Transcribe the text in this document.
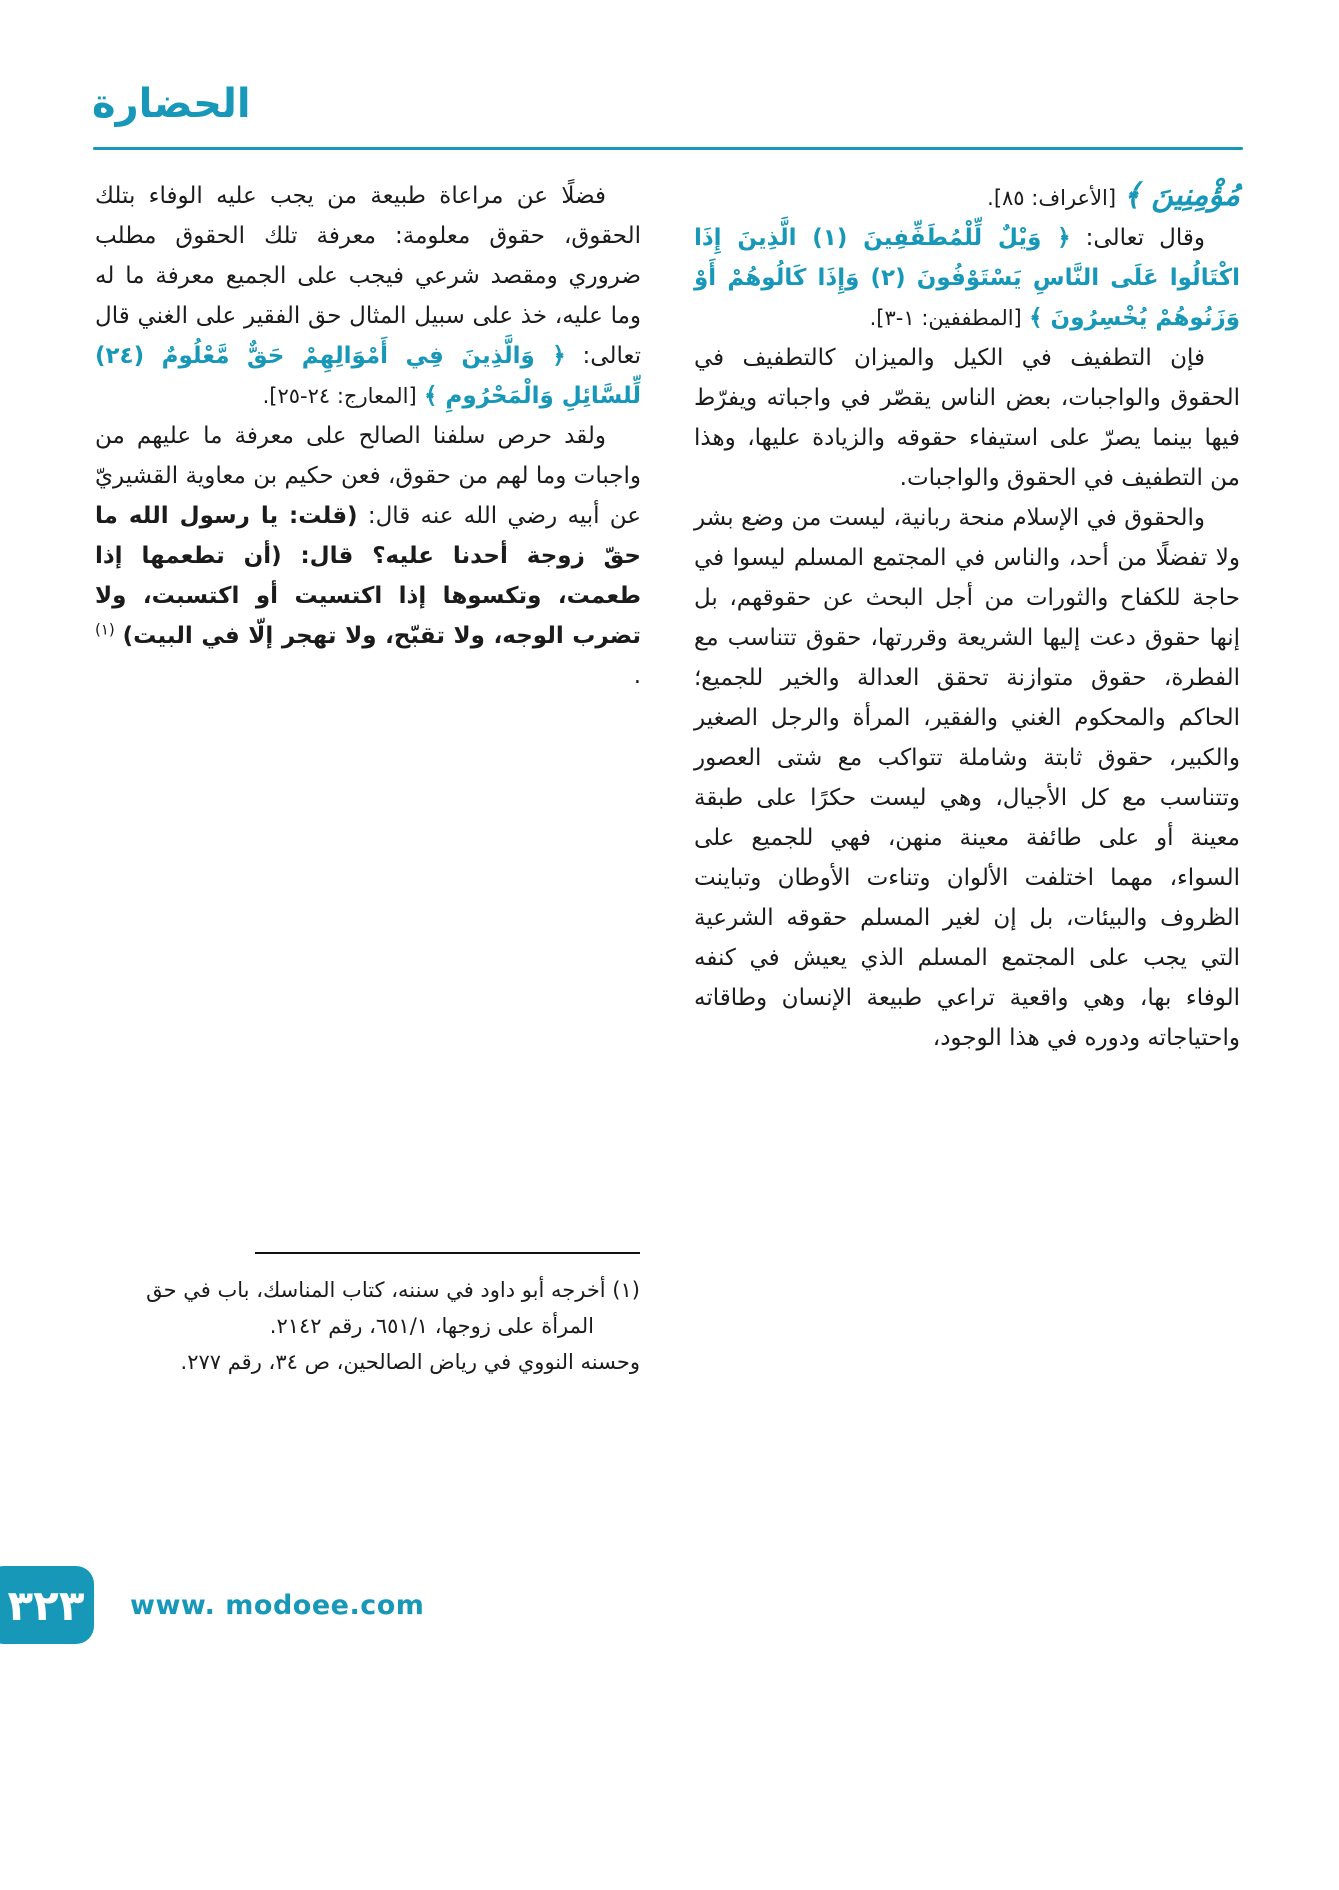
الحضارة

مُؤْمِنِينَ ﴾ [الأعراف: ٨٥].

وقال تعالى: ﴿ وَيْلٌ لِّلْمُطَفِّفِينَ (١) الَّذِينَ إِذَا اكْتَالُوا عَلَى النَّاسِ يَسْتَوْفُونَ (٢) وَإِذَا كَالُوهُمْ أَوْ وَزَنُوهُمْ يُخْسِرُونَ ﴾ [المطففين: ١-٣].

فإن التطفيف في الكيل والميزان كالتطفيف في الحقوق والواجبات، بعض الناس يقصّر في واجباته ويفرّط فيها بينما يصرّ على استيفاء حقوقه والزيادة عليها، وهذا من التطفيف في الحقوق والواجبات.

والحقوق في الإسلام منحة ربانية، ليست من وضع بشر ولا تفضلًا من أحد، والناس في المجتمع المسلم ليسوا في حاجة للكفاح والثورات من أجل البحث عن حقوقهم، بل إنها حقوق دعت إليها الشريعة وقررتها، حقوق تتناسب مع الفطرة، حقوق متوازنة تحقق العدالة والخير للجميع؛ الحاكم والمحكوم الغني والفقير، المرأة والرجل الصغير والكبير، حقوق ثابتة وشاملة تتواكب مع شتى العصور وتتناسب مع كل الأجيال، وهي ليست حكرًا على طبقة معينة أو على طائفة معينة منهن، فهي للجميع على السواء، مهما اختلفت الألوان وتناءت الأوطان وتباينت الظروف والبيئات، بل إن لغير المسلم حقوقه الشرعية التي يجب على المجتمع المسلم الذي يعيش في كنفه الوفاء بها، وهي واقعية تراعي طبيعة الإنسان وطاقاته واحتياجاته ودوره في هذا الوجود،

فضلًا عن مراعاة طبيعة من يجب عليه الوفاء بتلك الحقوق، حقوق معلومة: معرفة تلك الحقوق مطلب ضروري ومقصد شرعي فيجب على الجميع معرفة ما له وما عليه، خذ على سبيل المثال حق الفقير على الغني قال تعالى: ﴿ وَالَّذِينَ فِي أَمْوَالِهِمْ حَقٌّ مَّعْلُومٌ (٢٤) لِّلسَّائِلِ وَالْمَحْرُومِ ﴾ [المعارج: ٢٤-٢٥].

ولقد حرص سلفنا الصالح على معرفة ما عليهم من واجبات وما لهم من حقوق، فعن حكيم بن معاوية القشيريّ عن أبيه رضي الله عنه قال: (قلت: يا رسول الله ما حقّ زوجة أحدنا عليه؟ قال: (أن تطعمها إذا طعمت، وتكسوها إذا اكتسيت أو اكتسبت، ولا تضرب الوجه، ولا تقبّح، ولا تهجر إلّا في البيت) $^{(١)}$ .

(١) أخرجه أبو داود في سننه، كتاب المناسك، باب في حق المرأة على زوجها، ٦٥١/١، رقم ٢١٤٢.

وحسنه النووي في رياض الصالحين، ص ٣٤، رقم ٢٧٧.

٣٢٣ www. modoee.com
